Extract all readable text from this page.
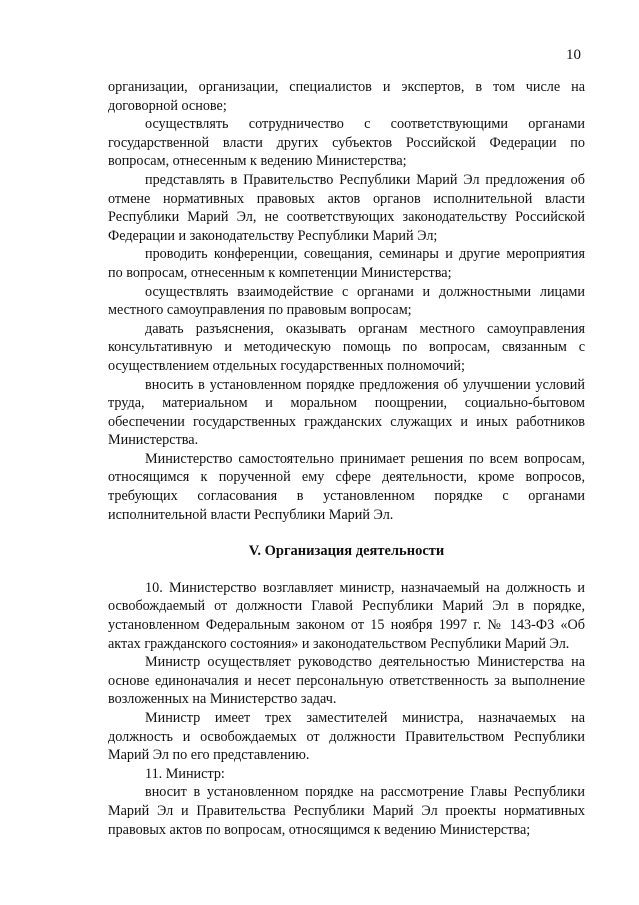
10

организации, организации, специалистов и экспертов, в том числе на договорной основе;

осуществлять сотрудничество с соответствующими органами государственной власти других субъектов Российской Федерации по вопросам, отнесенным к ведению Министерства;

представлять в Правительство Республики Марий Эл предложения об отмене нормативных правовых актов органов исполнительной власти Республики Марий Эл, не соответствующих законодательству Российской Федерации и законодательству Республики Марий Эл;

проводить конференции, совещания, семинары и другие мероприятия по вопросам, отнесенным к компетенции Министерства;

осуществлять взаимодействие с органами и должностными лицами местного самоуправления по правовым вопросам;

давать разъяснения, оказывать органам местного самоуправления консультативную и методическую помощь по вопросам, связанным с осуществлением отдельных государственных полномочий;

вносить в установленном порядке предложения об улучшении условий труда, материальном и моральном поощрении, социально-бытовом обеспечении государственных гражданских служащих и иных работников Министерства.

Министерство самостоятельно принимает решения по всем вопросам, относящимся к порученной ему сфере деятельности, кроме вопросов, требующих согласования в установленном порядке с органами исполнительной власти Республики Марий Эл.

V. Организация деятельности

10. Министерство возглавляет министр, назначаемый на должность и освобождаемый от должности Главой Республики Марий Эл в порядке, установленном Федеральным законом от 15 ноября 1997 г. № 143-ФЗ «Об актах гражданского состояния» и законодательством Республики Марий Эл.

Министр осуществляет руководство деятельностью Министерства на основе единоначалия и несет персональную ответственность за выполнение возложенных на Министерство задач.

Министр имеет трех заместителей министра, назначаемых на должность и освобождаемых от должности Правительством Республики Марий Эл по его представлению.

11. Министр:

вносит в установленном порядке на рассмотрение Главы Республики Марий Эл и Правительства Республики Марий Эл проекты нормативных правовых актов по вопросам, относящимся к ведению Министерства;
